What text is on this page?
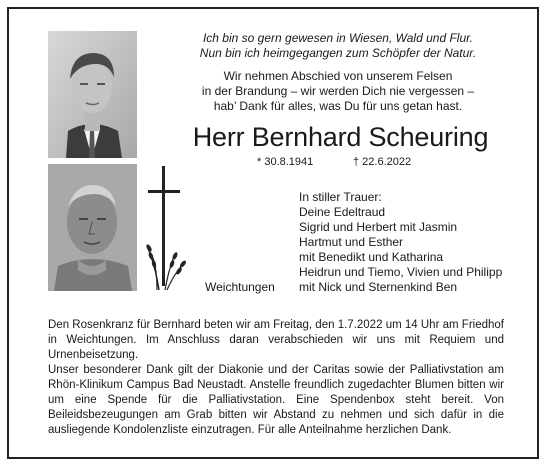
Ich bin so gern gewesen in Wiesen, Wald und Flur.
Nun bin ich heimgegangen zum Schöpfer der Natur.
Wir nehmen Abschied von unserem Felsen
in der Brandung – wir werden Dich nie vergessen –
hab’ Dank für alles, was Du für uns getan hast.
Herr Bernhard Scheuring
* 30.8.1941	† 22.6.2022
Weichtungen
In stiller Trauer:
Deine Edeltraud
Sigrid und Herbert mit Jasmin
Hartmut und Esther
mit Benedikt und Katharina
Heidrun und Tiemo, Vivien und Philipp
mit Nick und Sternenkind Ben

Den Rosenkranz für Bernhard beten wir am Freitag, den 1.7.2022 um 14 Uhr am Friedhof in Weichtungen. Im Anschluss daran verabschieden wir uns mit Requiem und Urnenbeisetzung.

Unser besonderer Dank gilt der Diakonie und der Caritas sowie der Palliativstation am Rhön-Klinikum Campus Bad Neustadt. Anstelle freundlich zugedachter Blumen bitten wir um eine Spende für die Palliativstation. Eine Spendenbox steht bereit. Von Beileidsbezeugungen am Grab bitten wir Abstand zu nehmen und sich dafür in die ausliegende Kondolenzliste einzutragen. Für alle Anteilnahme herzlichen Dank.
